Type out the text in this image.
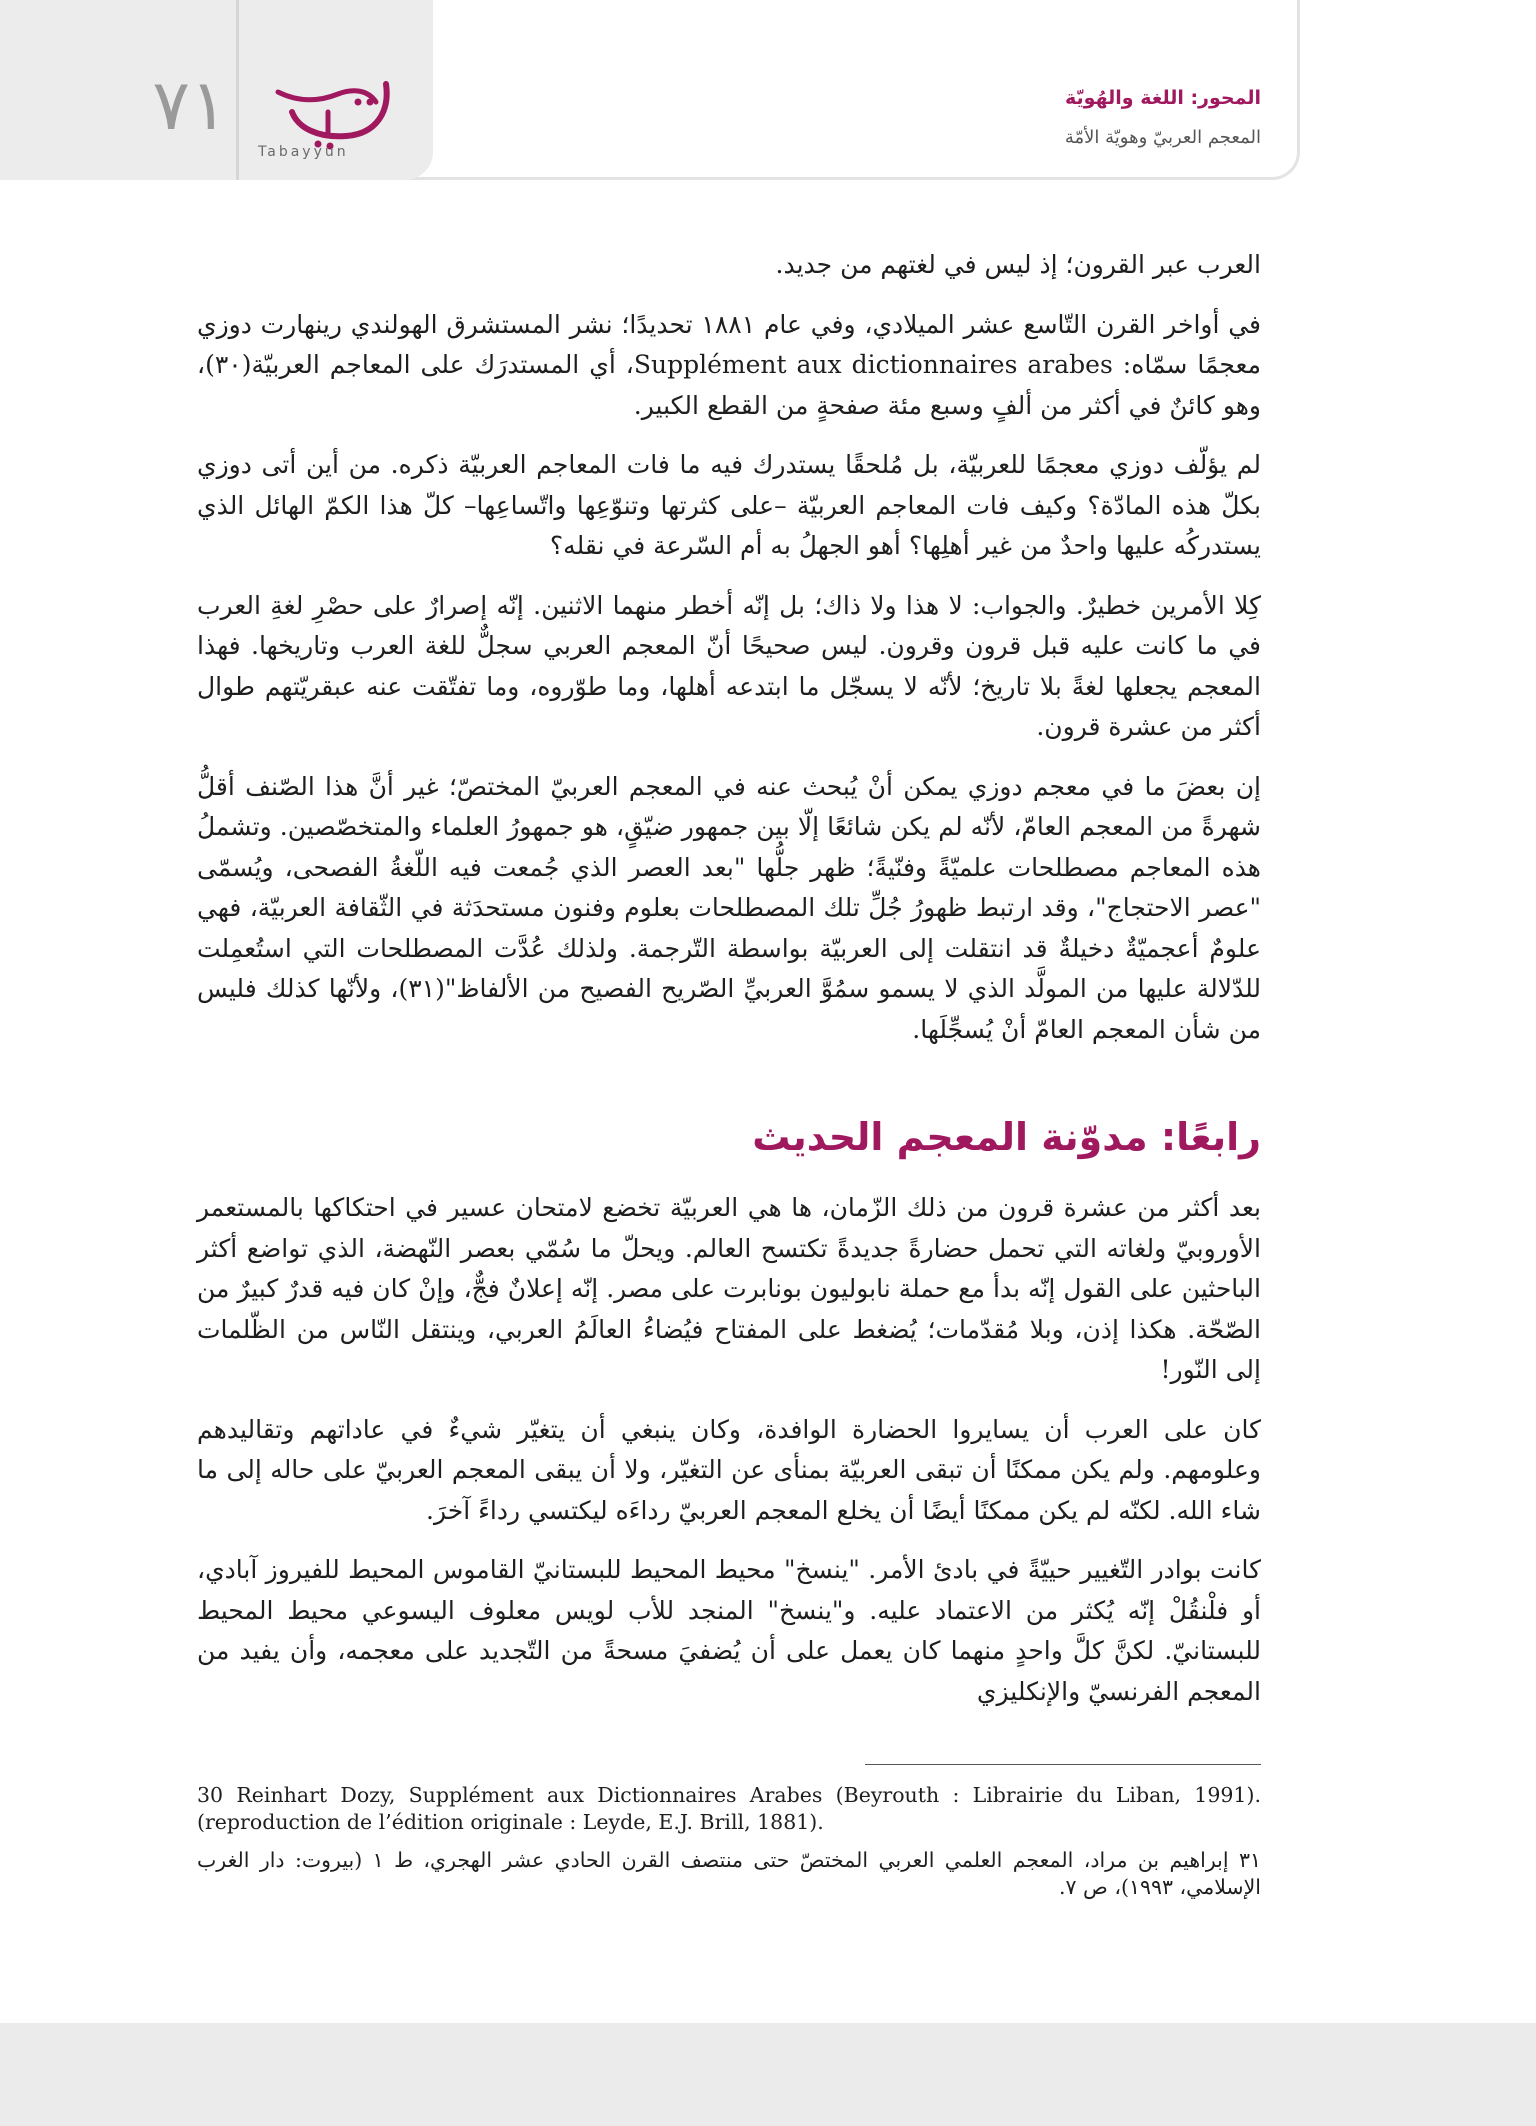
٧١
Tabayyun
المحور: اللغة والهُويّة
المعجم العربيّ وهويّة الأمّة

العرب عبر القرون؛ إذ ليس في لغتهم من جديد.

في أواخر القرن التّاسع عشر الميلادي، وفي عام ١٨٨١ تحديدًا؛ نشر المستشرق الهولندي رينهارت دوزي معجمًا سمّاه: Supplément aux dictionnaires arabes، أي المستدرَك على المعاجم العربيّة(٣٠)، وهو كائنٌ في أكثر من ألفٍ وسبع مئة صفحةٍ من القطع الكبير.

لم يؤلّف دوزي معجمًا للعربيّة، بل مُلحقًا يستدرك فيه ما فات المعاجم العربيّة ذكره. من أين أتى دوزي بكلّ هذه المادّة؟ وكيف فات المعاجم العربيّة –على كثرتها وتنوّعِها واتّساعِها– كلّ هذا الكمّ الهائل الذي يستدركُه عليها واحدٌ من غير أهلِها؟ أهو الجهلُ به أم السّرعة في نقله؟

كِلا الأمرين خطيرٌ. والجواب: لا هذا ولا ذاك؛ بل إنّه أخطر منهما الاثنين. إنّه إصرارٌ على حصْرِ لغةِ العرب في ما كانت عليه قبل قرون وقرون. ليس صحيحًا أنّ المعجم العربي سجلٌّ للغة العرب وتاريخها. فهذا المعجم يجعلها لغةً بلا تاريخ؛ لأنّه لا يسجّل ما ابتدعه أهلها، وما طوّروه، وما تفتّقت عنه عبقريّتهم طوال أكثر من عشرة قرون.

إن بعضَ ما في معجم دوزي يمكن أنْ يُبحث عنه في المعجم العربيّ المختصّ؛ غير أنَّ هذا الصّنف أقلُّ شهرةً من المعجم العامّ، لأنّه لم يكن شائعًا إلّا بين جمهور ضيّقٍ، هو جمهورُ العلماء والمتخصّصين. وتشملُ هذه المعاجم مصطلحات علميّةً وفنّيةً؛ ظهر جلُّها "بعد العصر الذي جُمعت فيه اللّغةُ الفصحى، ويُسمّى "عصر الاحتجاج"، وقد ارتبط ظهورُ جُلِّ تلك المصطلحات بعلوم وفنون مستحدَثة في الثّقافة العربيّة، فهي علومٌ أعجميّةٌ دخيلةٌ قد انتقلت إلى العربيّة بواسطة التّرجمة. ولذلك عُدَّت المصطلحات التي استُعمِلت للدّلالة عليها من المولَّد الذي لا يسمو سمُوَّ العربيِّ الصّريح الفصيح من الألفاظ"(٣١)، ولأنّها كذلك فليس من شأن المعجم العامّ أنْ يُسجِّلَها.

رابعًا: مدوّنة المعجم الحديث

بعد أكثر من عشرة قرون من ذلك الزّمان، ها هي العربيّة تخضع لامتحان عسير في احتكاكها بالمستعمر الأوروبيّ ولغاته التي تحمل حضارةً جديدةً تكتسح العالم. ويحلّ ما سُمّي بعصر النّهضة، الذي تواضع أكثر الباحثين على القول إنّه بدأ مع حملة نابوليون بونابرت على مصر. إنّه إعلانٌ فجٌّ، وإنْ كان فيه قدرٌ كبيرٌ من الصّحّة. هكذا إذن، وبلا مُقدّمات؛ يُضغط على المفتاح فيُضاءُ العالَمُ العربي، وينتقل النّاس من الظّلمات إلى النّور!

كان على العرب أن يسايروا الحضارة الوافدة، وكان ينبغي أن يتغيّر شيءٌ في عاداتهم وتقاليدهم وعلومهم. ولم يكن ممكنًا أن تبقى العربيّة بمنأى عن التغيّر، ولا أن يبقى المعجم العربيّ على حاله إلى ما شاء الله. لكنّه لم يكن ممكنًا أيضًا أن يخلع المعجم العربيّ رداءَه ليكتسي رداءً آخرَ.

كانت بوادر التّغيير حييّةً في بادئ الأمر. "ينسخ" محيط المحيط للبستانيّ القاموس المحيط للفيروز آبادي، أو فلْنقُلْ إنّه يُكثر من الاعتماد عليه. و"ينسخ" المنجد للأب لويس معلوف اليسوعي محيط المحيط للبستانيّ. لكنَّ كلَّ واحدٍ منهما كان يعمل على أن يُضفيَ مسحةً من التّجديد على معجمه، وأن يفيد من المعجم الفرنسيّ والإنكليزي

30 Reinhart Dozy, Supplément aux Dictionnaires Arabes (Beyrouth : Librairie du Liban, 1991). (reproduction de l’édition originale : Leyde, E.J. Brill, 1881).

٣١ إبراهيم بن مراد، المعجم العلمي العربي المختصّ حتى منتصف القرن الحادي عشر الهجري، ط ١ (بيروت: دار الغرب الإسلامي، ١٩٩٣)، ص ٧.
